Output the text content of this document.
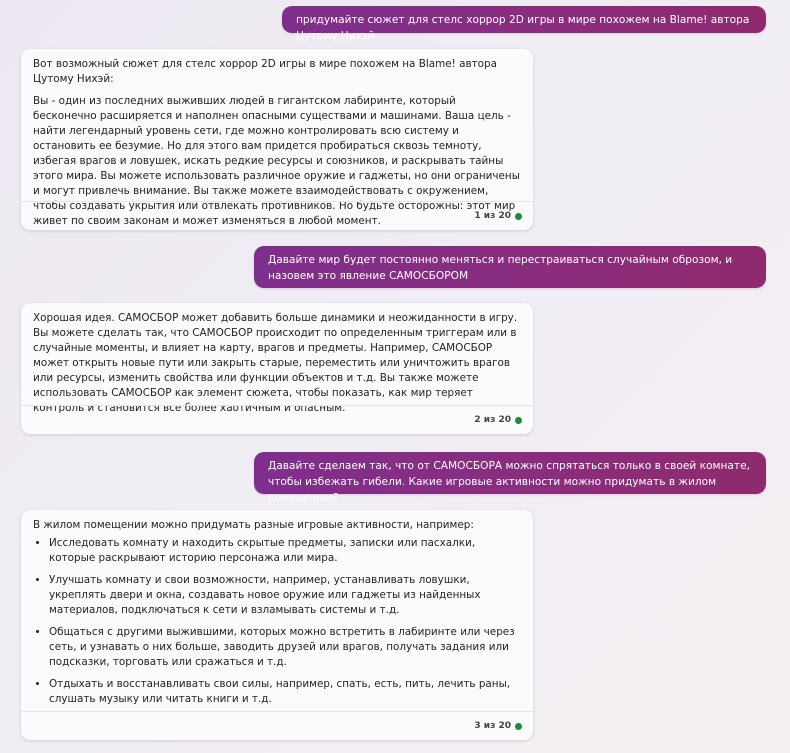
придумайте сюжет для стелс хоррор 2D игры в мире похожем на Blame! автора Цутому Нихэй

Вот возможный сюжет для стелс хоррор 2D игры в мире похожем на Blame! автора Цутому Нихэй:

Вы - один из последних выживших людей в гигантском лабиринте, который бесконечно расширяется и наполнен опасными существами и машинами. Ваша цель - найти легендарный уровень сети, где можно контролировать всю систему и остановить ее безумие. Но для этого вам придется пробираться сквозь темноту, избегая врагов и ловушек, искать редкие ресурсы и союзников, и раскрывать тайны этого мира. Вы можете использовать различное оружие и гаджеты, но они ограничены и могут привлечь внимание. Вы также можете взаимодействовать с окружением, чтобы создавать укрытия или отвлекать противников. Но будьте осторожны: этот мир живет по своим законам и может изменяться в любой момент.	1 из 20
Давайте мир будет постоянно меняться и перестраиваться случайным оброзом, и назовем это явление САМОСБОРОМ

Хорошая идея. САМОСБОР может добавить больше динамики и неожиданности в игру. Вы можете сделать так, что САМОСБОР происходит по определенным триггерам или в случайные моменты, и влияет на карту, врагов и предметы. Например, САМОСБОР может открыть новые пути или закрыть старые, переместить или уничтожить врагов или ресурсы, изменить свойства или функции объектов и т.д. Вы также можете использовать САМОСБОР как элемент сюжета, чтобы показать, как мир теряет контроль и становится все более хаотичным и опасным.

2 из 20
Давайте сделаем так, что от САМОСБОРА можно спрятаться только в своей комнате, чтобы избежать гибели. Какие игровые активности можно придумать в жилом помещении?

В жилом помещении можно придумать разные игровые активности, например:

• Исследовать комнату и находить скрытые предметы, записки или пасхалки, которые раскрывают историю персонажа или мира.
• Улучшать комнату и свои возможности, например, устанавливать ловушки, укреплять двери и окна, создавать новое оружие или гаджеты из найденных материалов, подключаться к сети и взламывать системы и т.д.
• Общаться с другими выжившими, которых можно встретить в лабиринте или через сеть, и узнавать о них больше, заводить друзей или врагов, получать задания или подсказки, торговать или сражаться и т.д.
• Отдыхать и восстанавливать свои силы, например, спать, есть, пить, лечить раны, слушать музыку или читать книги и т.д.
3 из 20
